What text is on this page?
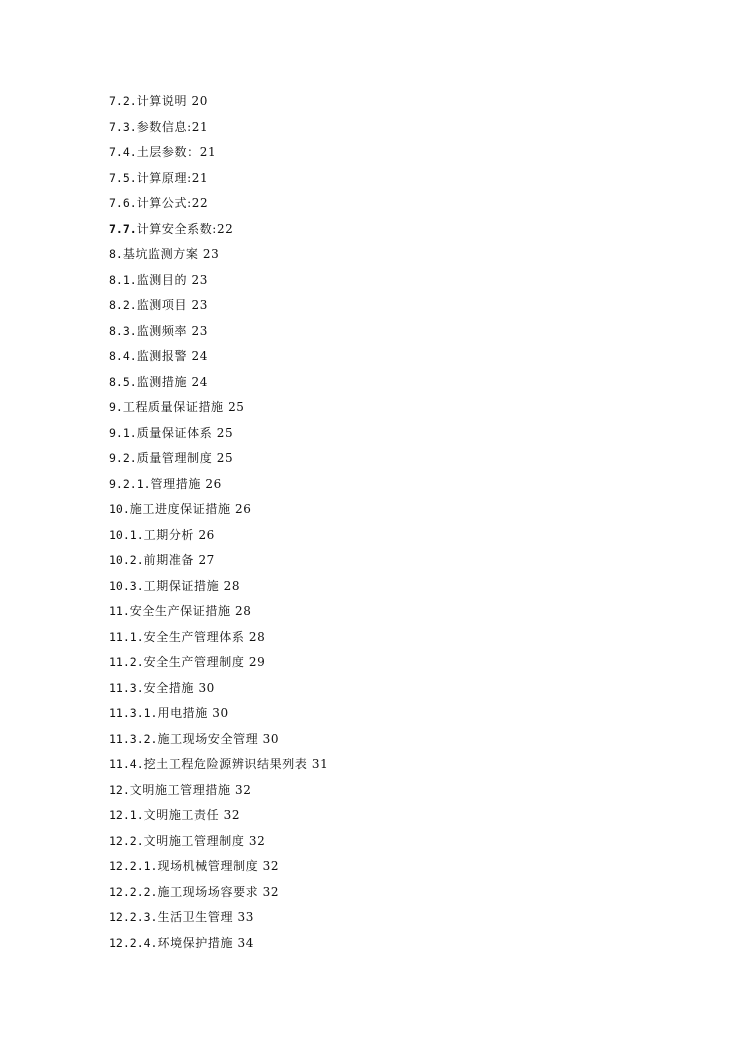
7.2.计算说明 20
7.3.参数信息:21
7.4.土层参数：21
7.5.计算原理:21
7.6.计算公式:22
7.7.计算安全系数:22
8.基坑监测方案 23
8.1.监测目的 23
8.2.监测项目 23
8.3.监测频率 23
8.4.监测报警 24
8.5.监测措施 24
9.工程质量保证措施 25
9.1.质量保证体系 25
9.2.质量管理制度 25
9.2.1.管理措施 26
10.施工进度保证措施 26
10.1.工期分析 26
10.2.前期准备 27
10.3.工期保证措施 28
11.安全生产保证措施 28
11.1.安全生产管理体系 28
11.2.安全生产管理制度 29
11.3.安全措施 30
11.3.1.用电措施 30
11.3.2.施工现场安全管理 30
11.4.挖土工程危险源辨识结果列表 31
12.文明施工管理措施 32
12.1.文明施工责任 32
12.2.文明施工管理制度 32
12.2.1.现场机械管理制度 32
12.2.2.施工现场场容要求 32
12.2.3.生活卫生管理 33
12.2.4.环境保护措施 34
